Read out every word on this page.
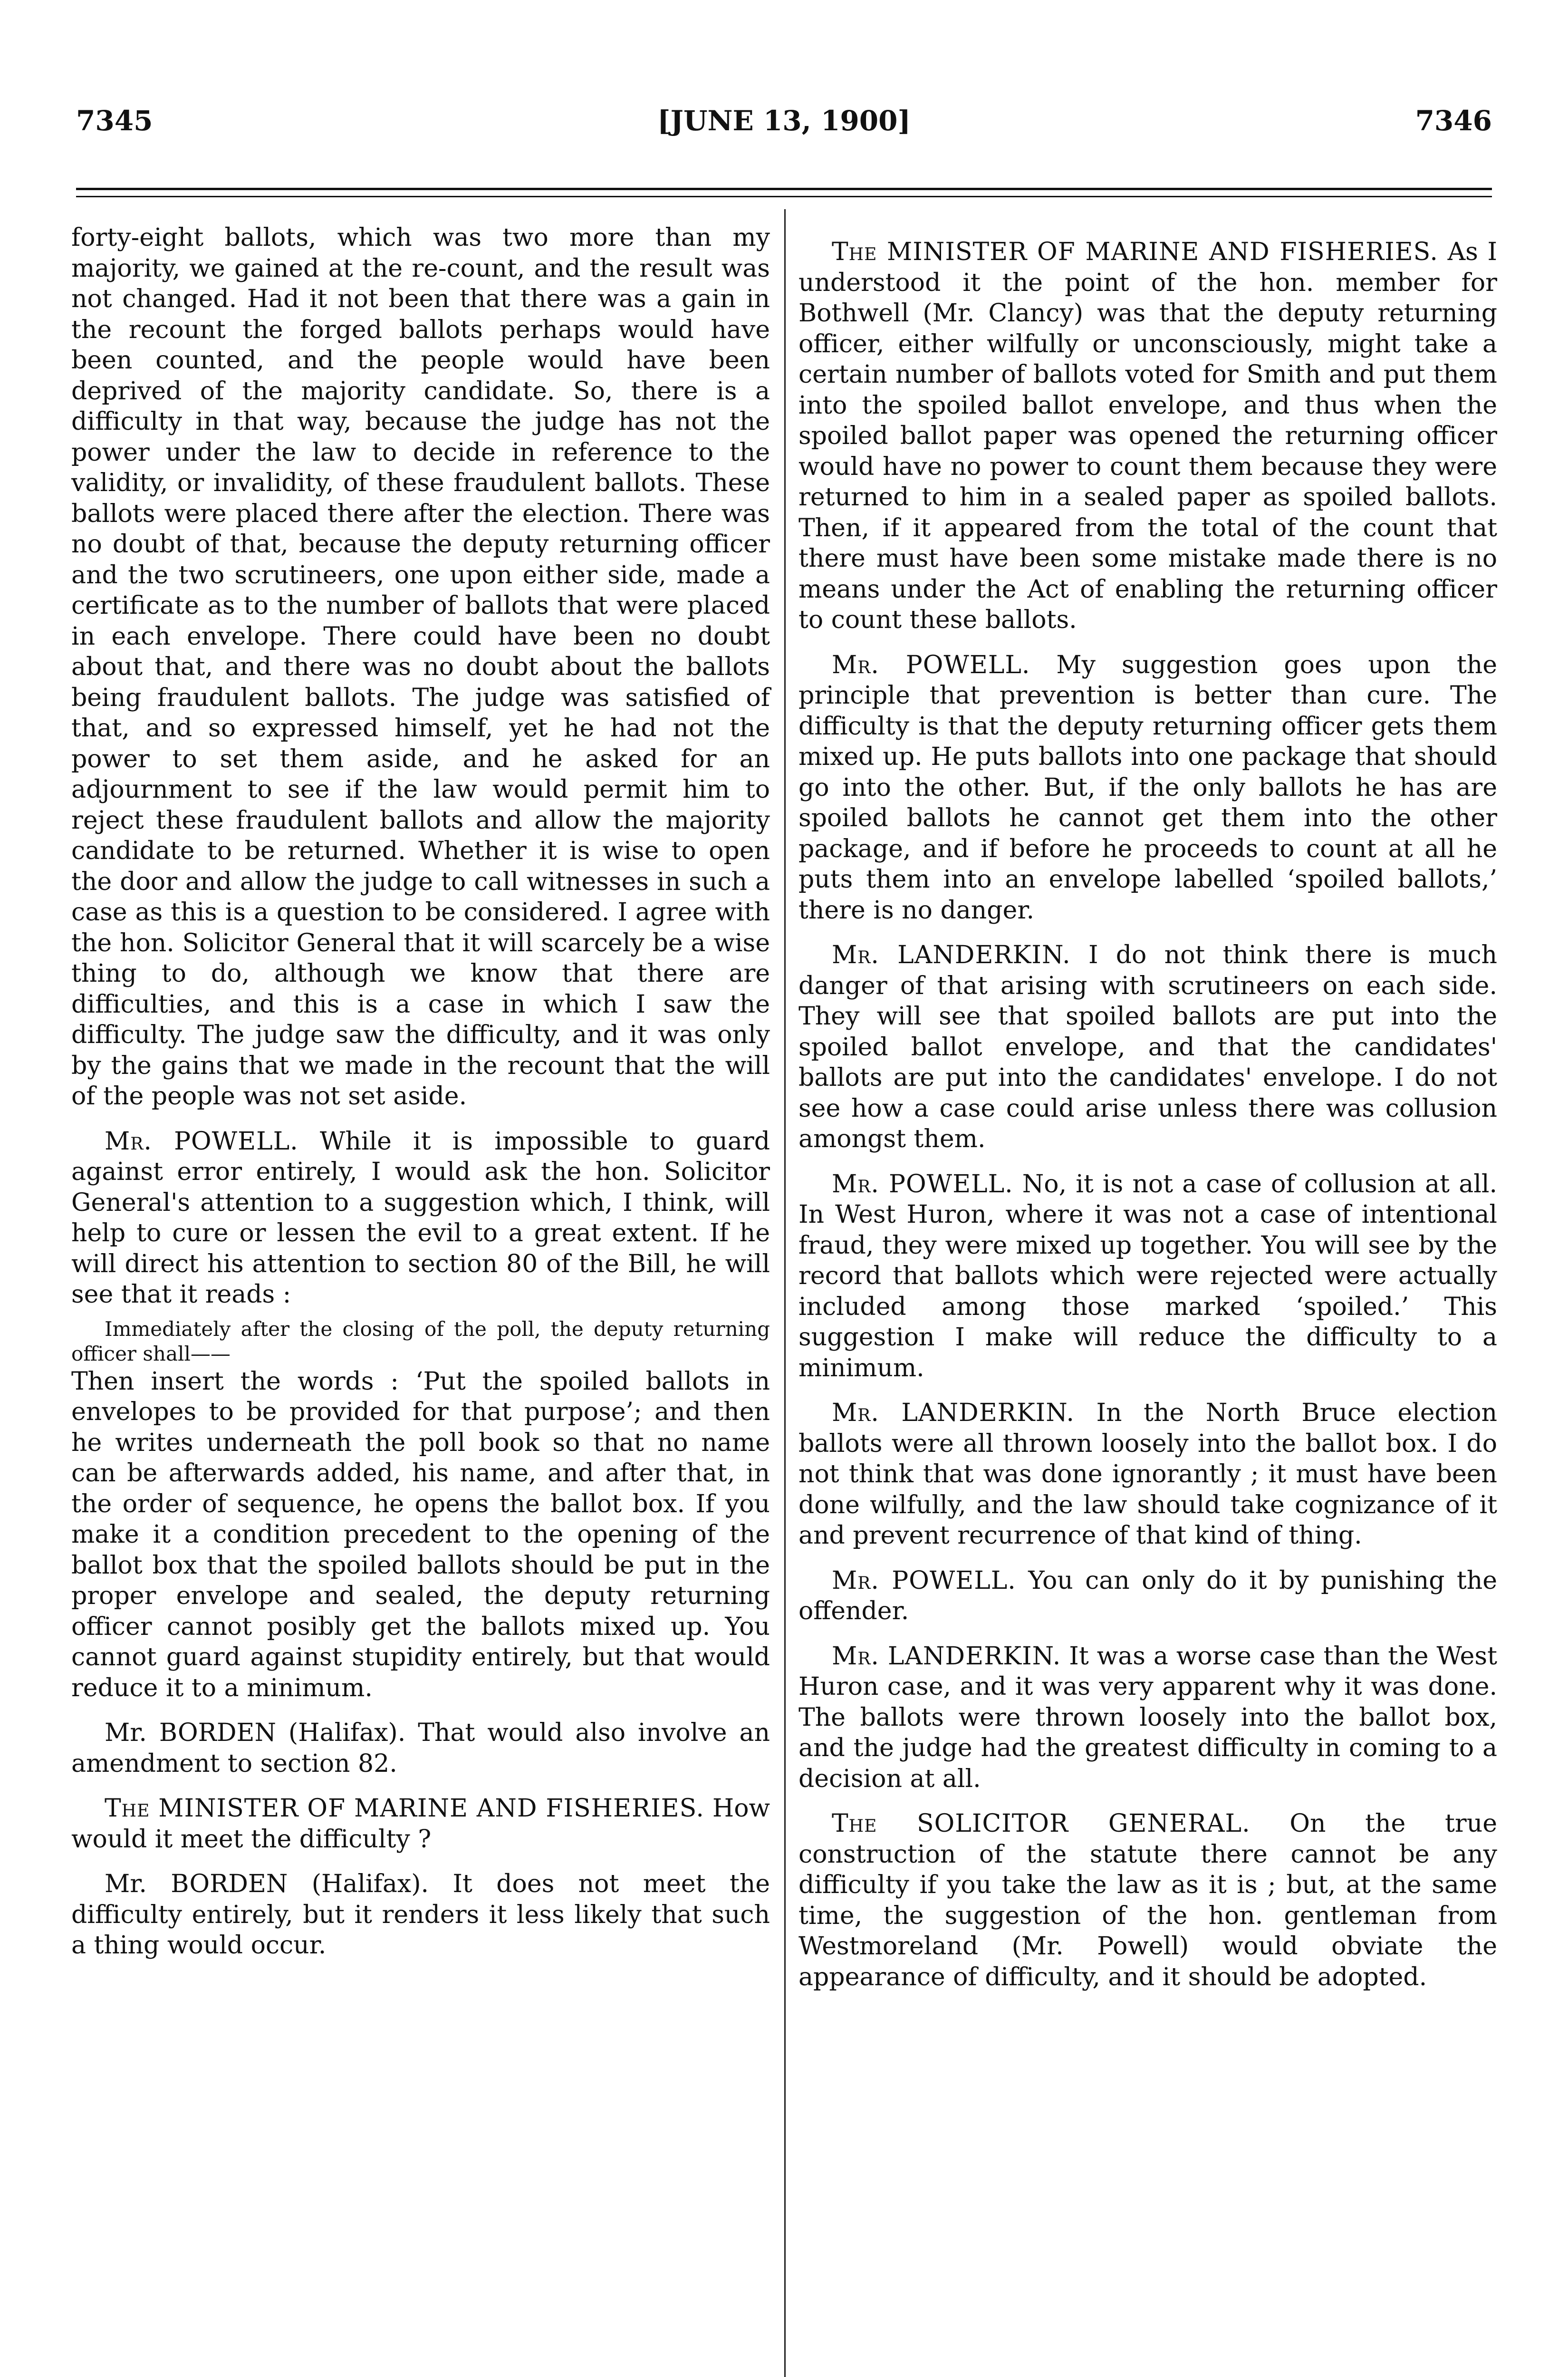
7345	[JUNE 13, 1900]	7346

forty-eight ballots, which was two more than my majority, we gained at the re-count, and the result was not changed. Had it not been that there was a gain in the recount the forged ballots perhaps would have been counted, and the people would have been deprived of the majority candidate. So, there is a difficulty in that way, because the judge has not the power under the law to decide in reference to the validity, or invalidity, of these fraudulent ballots. These ballots were placed there after the election. There was no doubt of that, because the deputy returning officer and the two scrutineers, one upon either side, made a certificate as to the number of ballots that were placed in each envelope. There could have been no doubt about that, and there was no doubt about the ballots being fraudulent ballots. The judge was satisfied of that, and so expressed himself, yet he had not the power to set them aside, and he asked for an adjournment to see if the law would permit him to reject these fraudulent ballots and allow the majority candidate to be returned. Whether it is wise to open the door and allow the judge to call witnesses in such a case as this is a question to be considered. I agree with the hon. Solicitor General that it will scarcely be a wise thing to do, although we know that there are difficulties, and this is a case in which I saw the difficulty. The judge saw the difficulty, and it was only by the gains that we made in the recount that the will of the people was not set aside.

Mr. POWELL. While it is impossible to guard against error entirely, I would ask the hon. Solicitor General's attention to a suggestion which, I think, will help to cure or lessen the evil to a great extent. If he will direct his attention to section 80 of the Bill, he will see that it reads :

Immediately after the closing of the poll, the deputy returning officer shall——

Then insert the words : ‘Put the spoiled ballots in envelopes to be provided for that purpose’; and then he writes underneath the poll book so that no name can be afterwards added, his name, and after that, in the order of sequence, he opens the ballot box. If you make it a condition precedent to the opening of the ballot box that the spoiled ballots should be put in the proper envelope and sealed, the deputy returning officer cannot posibly get the ballots mixed up. You cannot guard against stupidity entirely, but that would reduce it to a minimum.

Mr. BORDEN (Halifax). That would also involve an amendment to section 82.

The MINISTER OF MARINE AND FISHERIES. How would it meet the difficulty ?

Mr. BORDEN (Halifax). It does not meet the difficulty entirely, but it renders it less likely that such a thing would occur.

The MINISTER OF MARINE AND FISHERIES. As I understood it the point of the hon. member for Bothwell (Mr. Clancy) was that the deputy returning officer, either wilfully or unconsciously, might take a certain number of ballots voted for Smith and put them into the spoiled ballot envelope, and thus when the spoiled ballot paper was opened the returning officer would have no power to count them because they were returned to him in a sealed paper as spoiled ballots. Then, if it appeared from the total of the count that there must have been some mistake made there is no means under the Act of enabling the returning officer to count these ballots.

Mr. POWELL. My suggestion goes upon the principle that prevention is better than cure. The difficulty is that the deputy returning officer gets them mixed up. He puts ballots into one package that should go into the other. But, if the only ballots he has are spoiled ballots he cannot get them into the other package, and if before he proceeds to count at all he puts them into an envelope labelled ‘spoiled ballots,’ there is no danger.

Mr. LANDERKIN. I do not think there is much danger of that arising with scrutineers on each side. They will see that spoiled ballots are put into the spoiled ballot envelope, and that the candidates' ballots are put into the candidates' envelope. I do not see how a case could arise unless there was collusion amongst them.

Mr. POWELL. No, it is not a case of collusion at all. In West Huron, where it was not a case of intentional fraud, they were mixed up together. You will see by the record that ballots which were rejected were actually included among those marked ‘spoiled.’ This suggestion I make will reduce the difficulty to a minimum.

Mr. LANDERKIN. In the North Bruce election ballots were all thrown loosely into the ballot box. I do not think that was done ignorantly ; it must have been done wilfully, and the law should take cognizance of it and prevent recurrence of that kind of thing.

Mr. POWELL. You can only do it by punishing the offender.

Mr. LANDERKIN. It was a worse case than the West Huron case, and it was very apparent why it was done. The ballots were thrown loosely into the ballot box, and the judge had the greatest difficulty in coming to a decision at all.

The SOLICITOR GENERAL. On the true construction of the statute there cannot be any difficulty if you take the law as it is ; but, at the same time, the suggestion of the hon. gentleman from Westmoreland (Mr. Powell) would obviate the appearance of difficulty, and it should be adopted.
